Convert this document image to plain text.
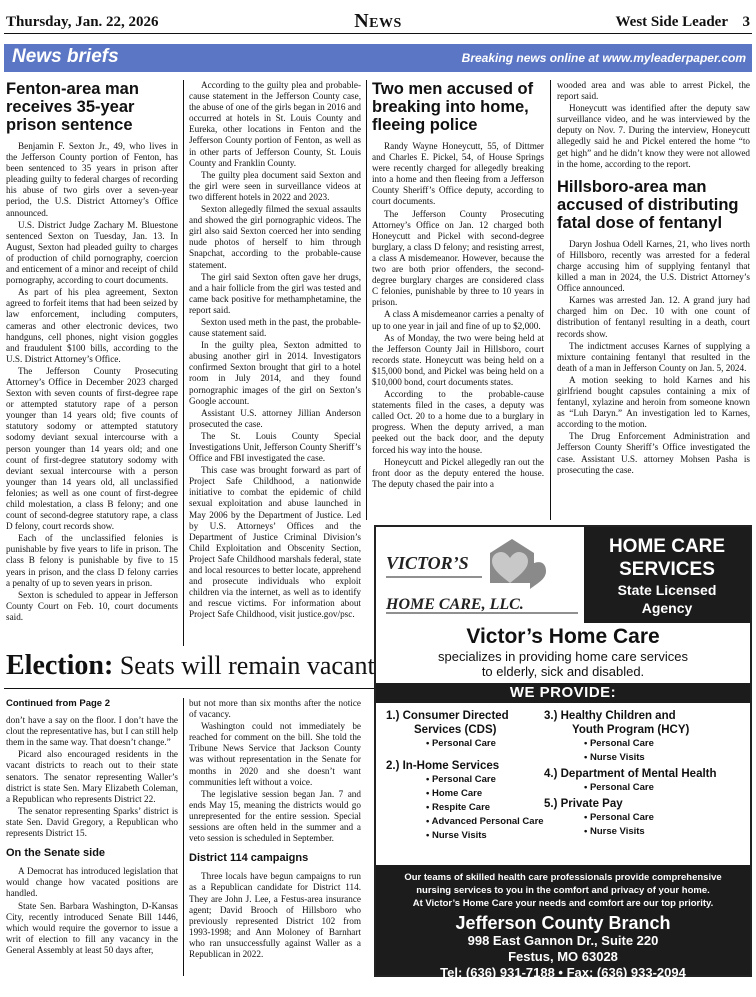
Thursday, Jan. 22, 2026	News	West Side Leader 3
News briefs	Breaking news online at www.myleaderpaper.com
Fenton-area man receives 35-year prison sentence

Benjamin F. Sexton Jr., 49, who lives in the Jefferson County portion of Fenton, has been sentenced to 35 years in prison after pleading guilty to federal charges of recording his abuse of two girls over a seven-year period, the U.S. District Attorney’s Office announced.

U.S. District Judge Zachary M. Bluestone sentenced Sexton on Tuesday, Jan. 13. In August, Sexton had pleaded guilty to charges of production of child pornography, coercion and enticement of a minor and receipt of child pornography, according to court documents.

As part of his plea agreement, Sexton agreed to forfeit items that had been seized by law enforcement, including computers, cameras and other electronic devices, two handguns, cell phones, night vision goggles and fraudulent $100 bills, according to the U.S. District Attorney’s Office.

The Jefferson County Prosecuting Attorney’s Office in December 2023 charged Sexton with seven counts of first-degree rape or attempted statutory rape of a person younger than 14 years old; five counts of statutory sodomy or attempted statutory sodomy deviant sexual intercourse with a person younger than 14 years old; and one count of first-degree statutory sodomy with deviant sexual intercourse with a person younger than 14 years old, all unclassified felonies; as well as one count of first-degree child molestation, a class B felony; and one count of second-degree statutory rape, a class D felony, court records show.

Each of the unclassified felonies is punishable by five years to life in prison. The class B felony is punishable by five to 15 years in prison, and the class D felony carries a penalty of up to seven years in prison.

Sexton is scheduled to appear in Jefferson County Court on Feb. 10, court documents said.

According to the guilty plea and probable-cause statement in the Jefferson County case, the abuse of one of the girls began in 2016 and occurred at hotels in St. Louis County and Eureka, other locations in Fenton and the Jefferson County portion of Fenton, as well as in other parts of Jefferson County, St. Louis County and Franklin County.

The guilty plea document said Sexton and the girl were seen in surveillance videos at two different hotels in 2022 and 2023.

Sexton allegedly filmed the sexual assaults and showed the girl pornographic videos. The girl also said Sexton coerced her into sending nude photos of herself to him through Snapchat, according to the probable-cause statement.

The girl said Sexton often gave her drugs, and a hair follicle from the girl was tested and came back positive for methamphetamine, the report said.

Sexton used meth in the past, the probable-cause statement said.

In the guilty plea, Sexton admitted to abusing another girl in 2014. Investigators confirmed Sexton brought that girl to a hotel room in July 2014, and they found pornographic images of the girl on Sexton’s Google account.

Assistant U.S. attorney Jillian Anderson prosecuted the case.

The St. Louis County Special Investigations Unit, Jefferson County Sheriff’s Office and FBI investigated the case.

This case was brought forward as part of Project Safe Childhood, a nationwide initiative to combat the epidemic of child sexual exploitation and abuse launched in May 2006 by the Department of Justice. Led by U.S. Attorneys’ Offices and the Department of Justice Criminal Division’s Child Exploitation and Obscenity Section, Project Safe Childhood marshals federal, state and local resources to better locate, apprehend and prosecute individuals who exploit children via the internet, as well as to identify and rescue victims. For information about Project Safe Childhood, visit justice.gov/psc.

Two men accused of breaking into home, fleeing police

Randy Wayne Honeycutt, 55, of Dittmer and Charles E. Pickel, 54, of House Springs were recently charged for allegedly breaking into a home and then fleeing from a Jefferson County Sheriff’s Office deputy, according to court documents.

The Jefferson County Prosecuting Attorney’s Office on Jan. 12 charged both Honeycutt and Pickel with second-degree burglary, a class D felony; and resisting arrest, a class A misdemeanor. However, because the two are both prior offenders, the second-degree burglary charges are considered class C felonies, punishable by three to 10 years in prison.

A class A misdemeanor carries a penalty of up to one year in jail and fine of up to $2,000.

As of Monday, the two were being held at the Jefferson County Jail in Hillsboro, court records state. Honeycutt was being held on a $15,000 bond, and Pickel was being held on a $10,000 bond, court documents states.

According to the probable-cause statements filed in the cases, a deputy was called Oct. 20 to a home due to a burglary in progress. When the deputy arrived, a man peeked out the back door, and the deputy forced his way into the house.

Honeycutt and Pickel allegedly ran out the front door as the deputy entered the house. The deputy chased the pair into a

wooded area and was able to arrest Pickel, the report said.

Honeycutt was identified after the deputy saw surveillance video, and he was interviewed by the deputy on Nov. 7. During the interview, Honeycutt allegedly said he and Pickel entered the home “to get high” and he didn’t know they were not allowed in the home, according to the report.

Hillsboro-area man accused of distributing fatal dose of fentanyl

Daryn Joshua Odell Karnes, 21, who lives north of Hillsboro, recently was arrested for a federal charge accusing him of supplying fentanyl that killed a man in 2024, the U.S. District Attorney’s Office announced.

Karnes was arrested Jan. 12. A grand jury had charged him on Dec. 10 with one count of distribution of fentanyl resulting in a death, court records show.

The indictment accuses Karnes of supplying a mixture containing fentanyl that resulted in the death of a man in Jefferson County on Jan. 5, 2024.

A motion seeking to hold Karnes and his girlfriend bought capsules containing a mix of fentanyl, xylazine and heroin from someone known as “Luh Daryn.” An investigation led to Karnes, according to the motion.

The Drug Enforcement Administration and Jefferson County Sheriff’s Office investigated the case. Assistant U.S. attorney Mohsen Pasha is prosecuting the case.

Election: Seats will remain vacant
Continued from Page 2

don’t have a say on the floor. I don’t have the clout the representative has, but I can still help them in the same way. That doesn’t change.”

Picard also encouraged residents in the vacant districts to reach out to their state senators. The senator representing Waller’s district is state Sen. Mary Elizabeth Coleman, a Republican who represents District 22.

The senator representing Sparks’ district is state Sen. David Gregory, a Republican who represents District 15.

On the Senate side

A Democrat has introduced legislation that would change how vacated positions are handled.

State Sen. Barbara Washington, D-Kansas City, recently introduced Senate Bill 1446, which would require the governor to issue a writ of election to fill any vacancy in the General Assembly at least 50 days after,

but not more than six months after the notice of vacancy.

Washington could not immediately be reached for comment on the bill. She told the Tribune News Service that Jackson County was without representation in the Senate for months in 2020 and she doesn’t want communities left without a voice.

The legislative session began Jan. 7 and ends May 15, meaning the districts would go unrepresented for the entire session. Special sessions are often held in the summer and a veto session is scheduled in September.

District 114 campaigns

Three locals have begun campaigns to run as a Republican candidate for District 114. They are John J. Lee, a Festus-area insurance agent; David Brooch of Hillsboro who previously represented District 102 from 1993-1998; and Ann Moloney of Barnhart who ran unsuccessfully against Waller as a Republican in 2022.

VICTOR’S
HOME CARE, LLC.
HOME CARE
SERVICES
State Licensed
Agency
Victor’s Home Care
specializes in providing home care services
to elderly, sick and disabled.
WE PROVIDE:
1.) Consumer Directed
Services (CDS)
• Personal Care
2.) In-Home Services
• Personal Care
• Home Care
• Respite Care
• Advanced Personal Care
• Nurse Visits
3.) Healthy Children and
Youth Program (HCY)
• Personal Care
• Nurse Visits
4.) Department of Mental Health
• Personal Care
5.) Private Pay
• Personal Care
• Nurse Visits
Our teams of skilled health care professionals provide comprehensive
nursing services to you in the comfort and privacy of your home.
At Victor’s Home Care your needs and comfort are our top priority.
Jefferson County Branch
998 East Gannon Dr., Suite 220
Festus, MO 63028
Tel: (636) 931-7188 • Fax: (636) 933-2094
victors_home_care@yahoo.com
